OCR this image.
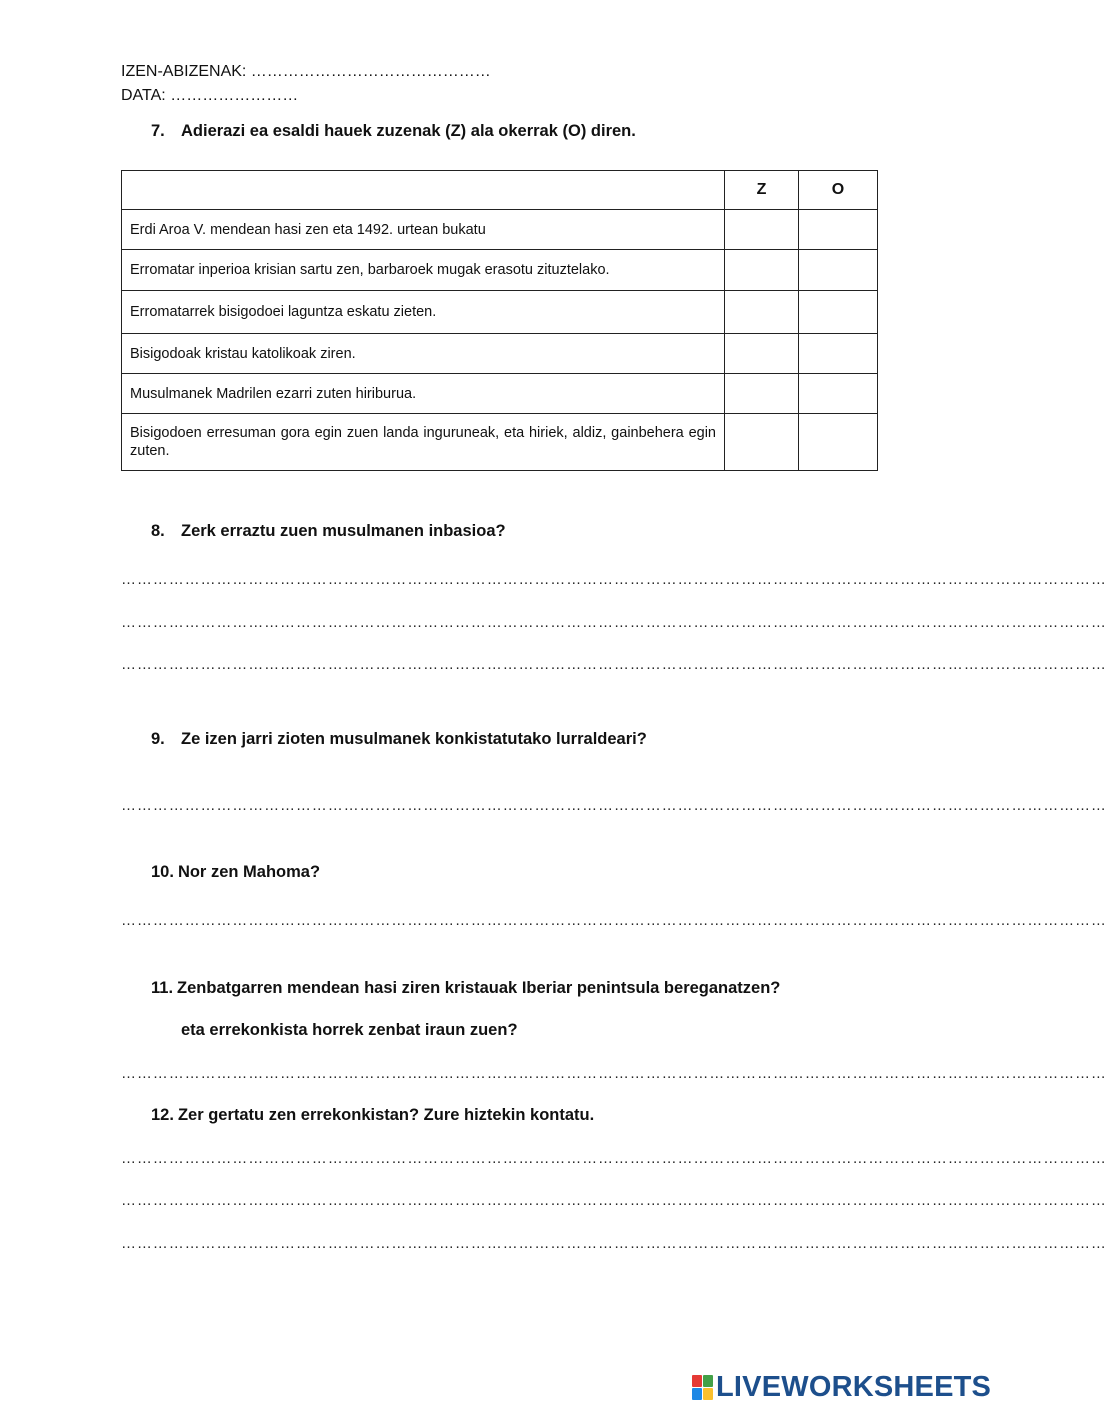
IZEN-ABIZENAK: ………………………………………
DATA: ……………………
7. Adierazi ea esaldi hauek zuzenak (Z) ala okerrak (O) diren.
	Z	O
Erdi Aroa V. mendean hasi zen eta 1492. urtean bukatu		
Erromatar inperioa krisian sartu zen, barbaroek mugak erasotu zituztelako.		
Erromatarrek bisigodoei laguntza eskatu zieten.		
Bisigodoak kristau katolikoak ziren.		
Musulmanek Madrilen ezarri zuten hiriburua.		
Bisigodoen erresuman gora egin zuen landa inguruneak, eta hiriek, aldiz, gainbehera egin zuten.		
8. Zerk erraztu zuen musulmanen inbasioa?
……………………………………………………………………………………………………………………………………………………………………
……………………………………………………………………………………………………………………………………………………………………
……………………………………………………………………………………………………………………………………………………………………
9. Ze izen jarri zioten musulmanek konkistatutako lurraldeari?
……………………………………………………………………………………………………………………………………………………………………
10. Nor zen Mahoma?
……………………………………………………………………………………………………………………………………………………………………
11. Zenbatgarren mendean hasi ziren kristauak Iberiar penintsula bereganatzen?
eta errekonkista horrek zenbat iraun zuen?
……………………………………………………………………………………………………………………………………………………………………
12. Zer gertatu zen errekonkistan? Zure hiztekin kontatu.
……………………………………………………………………………………………………………………………………………………………………
……………………………………………………………………………………………………………………………………………………………………
……………………………………………………………………………………………………………………………………………………………………
LIVEWORKSHEETS
